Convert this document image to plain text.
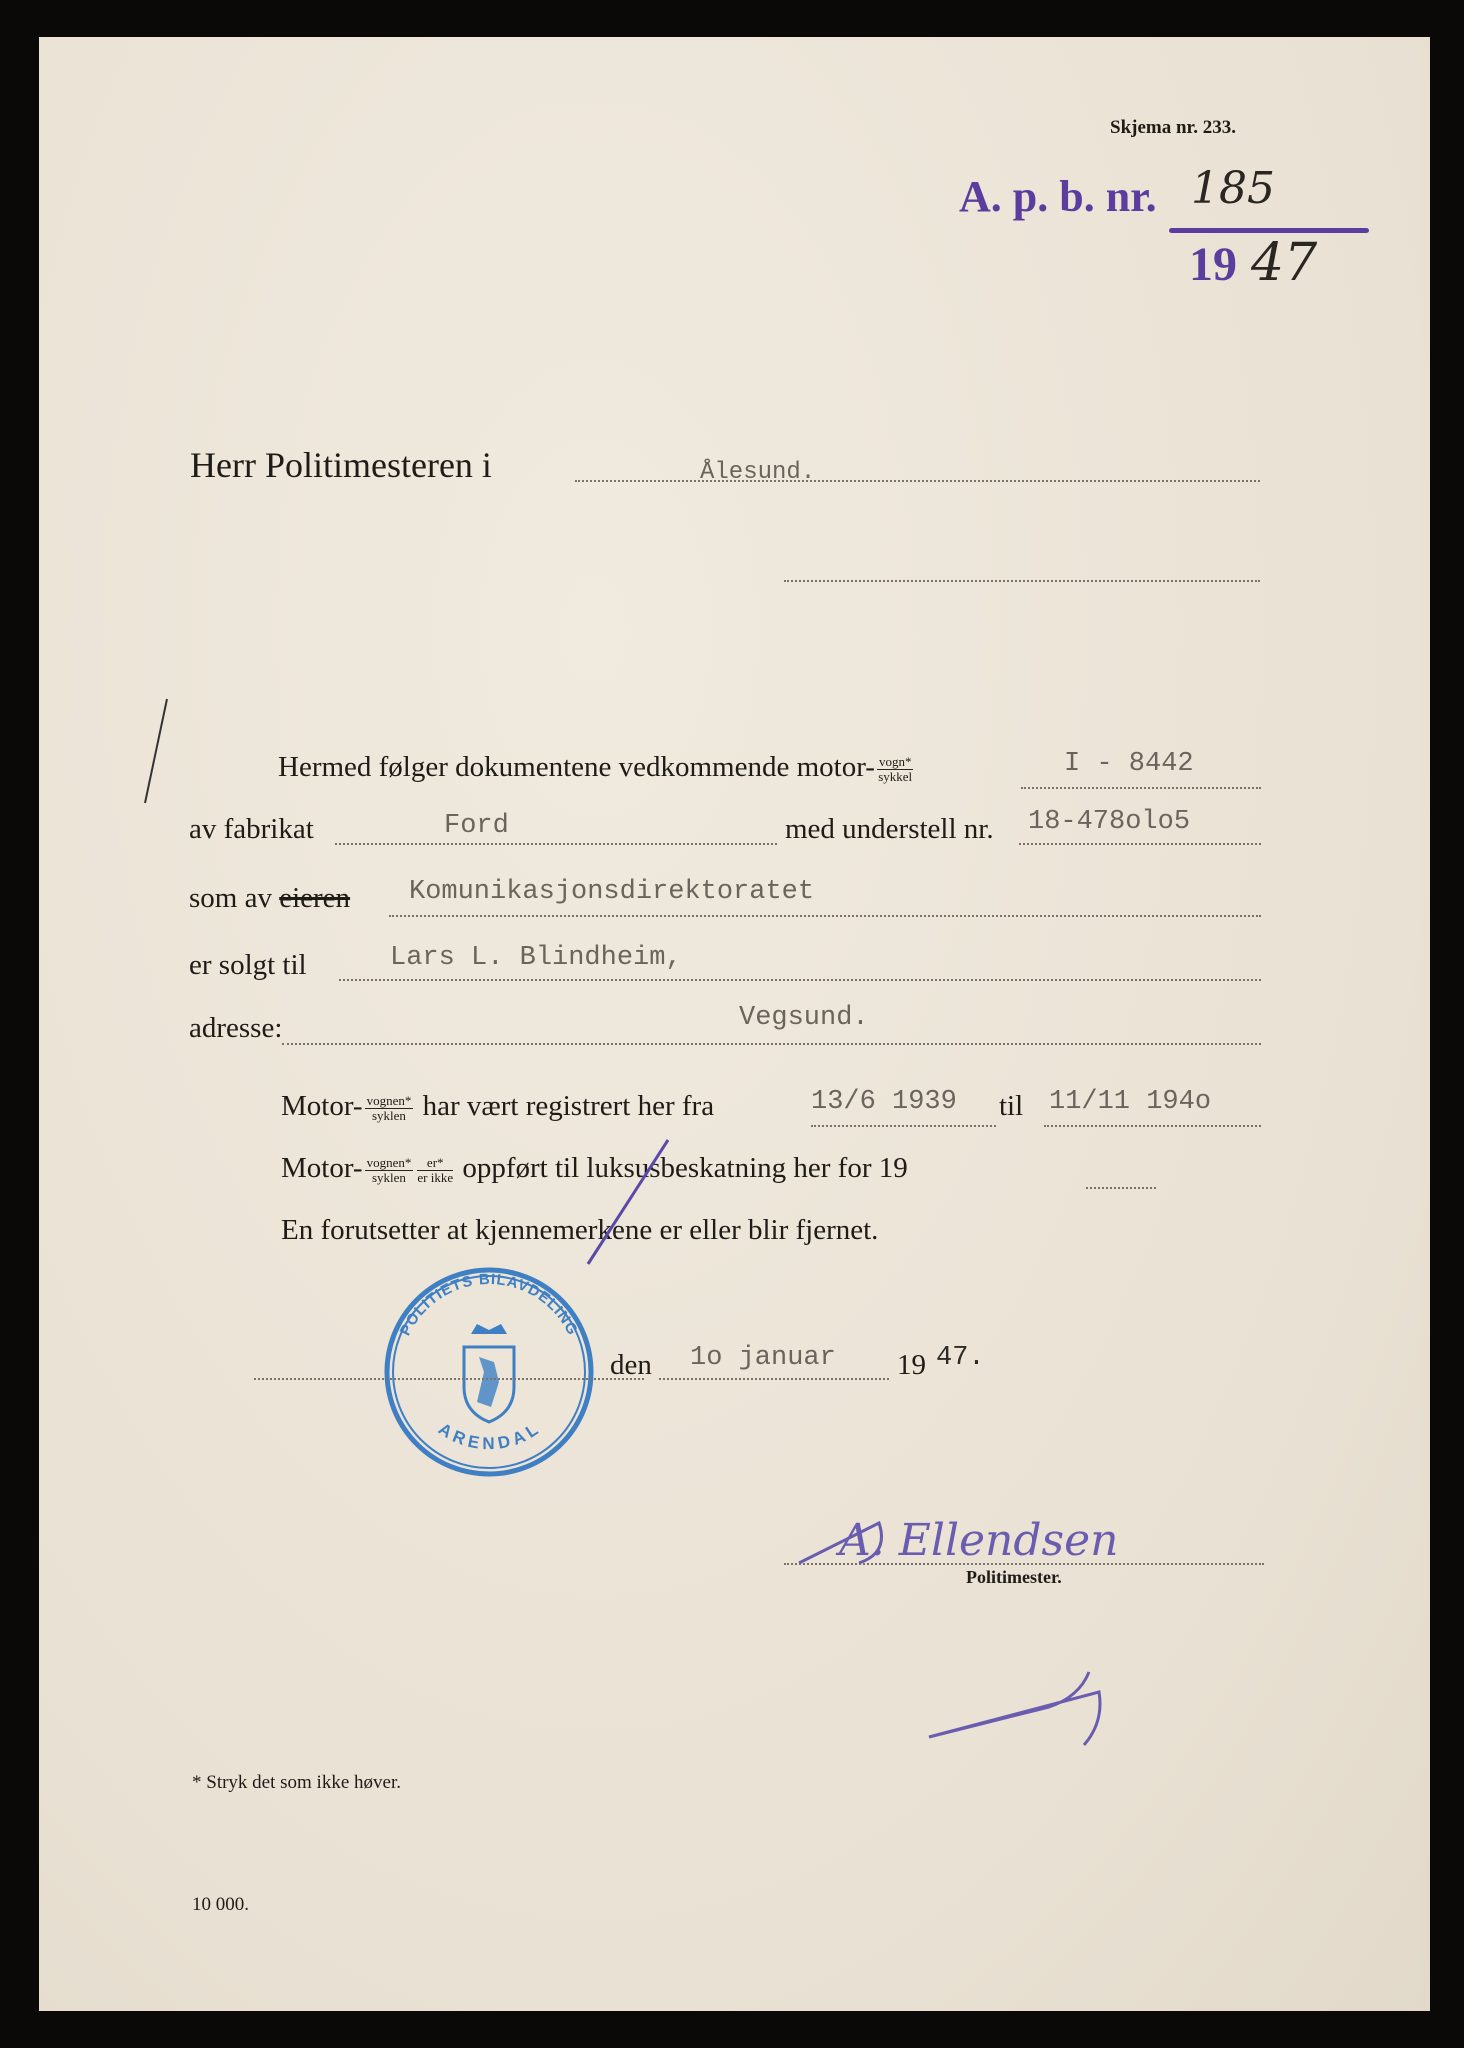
Skjema nr. 233.
A. p. b. nr. 185
19 47
Herr Politimesteren i	Ålesund.
Hermed følger dokumentene vedkommende motor- $\frac{\text{vogn*}}{\text{sykkel}}$	I - 8442
av fabrikat	Ford	med understell nr. 18-478olo5
som av eieren Komunikasjonsdirektoratet
er solgt til	Lars L. Blindheim,
adresse:	Vegsund.
Motor- $\frac{\text{vognen*}}{\text{syklen}}$ har vært registrert her fra	13/6 1939 til 11/11 194o
Motor- $\frac{\text{vognen*}}{\text{syklen}} \frac{er*}{\text{er ikke}}$ oppført til luksusbeskatning her for 19
En forutsetter at kjennemerkene er eller blir fjernet.
POLITIETS BILAVDELING
ARENDAL
den 1o januar 19 47.
A. Ellendsen
Politimester.
* Stryk det som ikke høver.
10 000.
